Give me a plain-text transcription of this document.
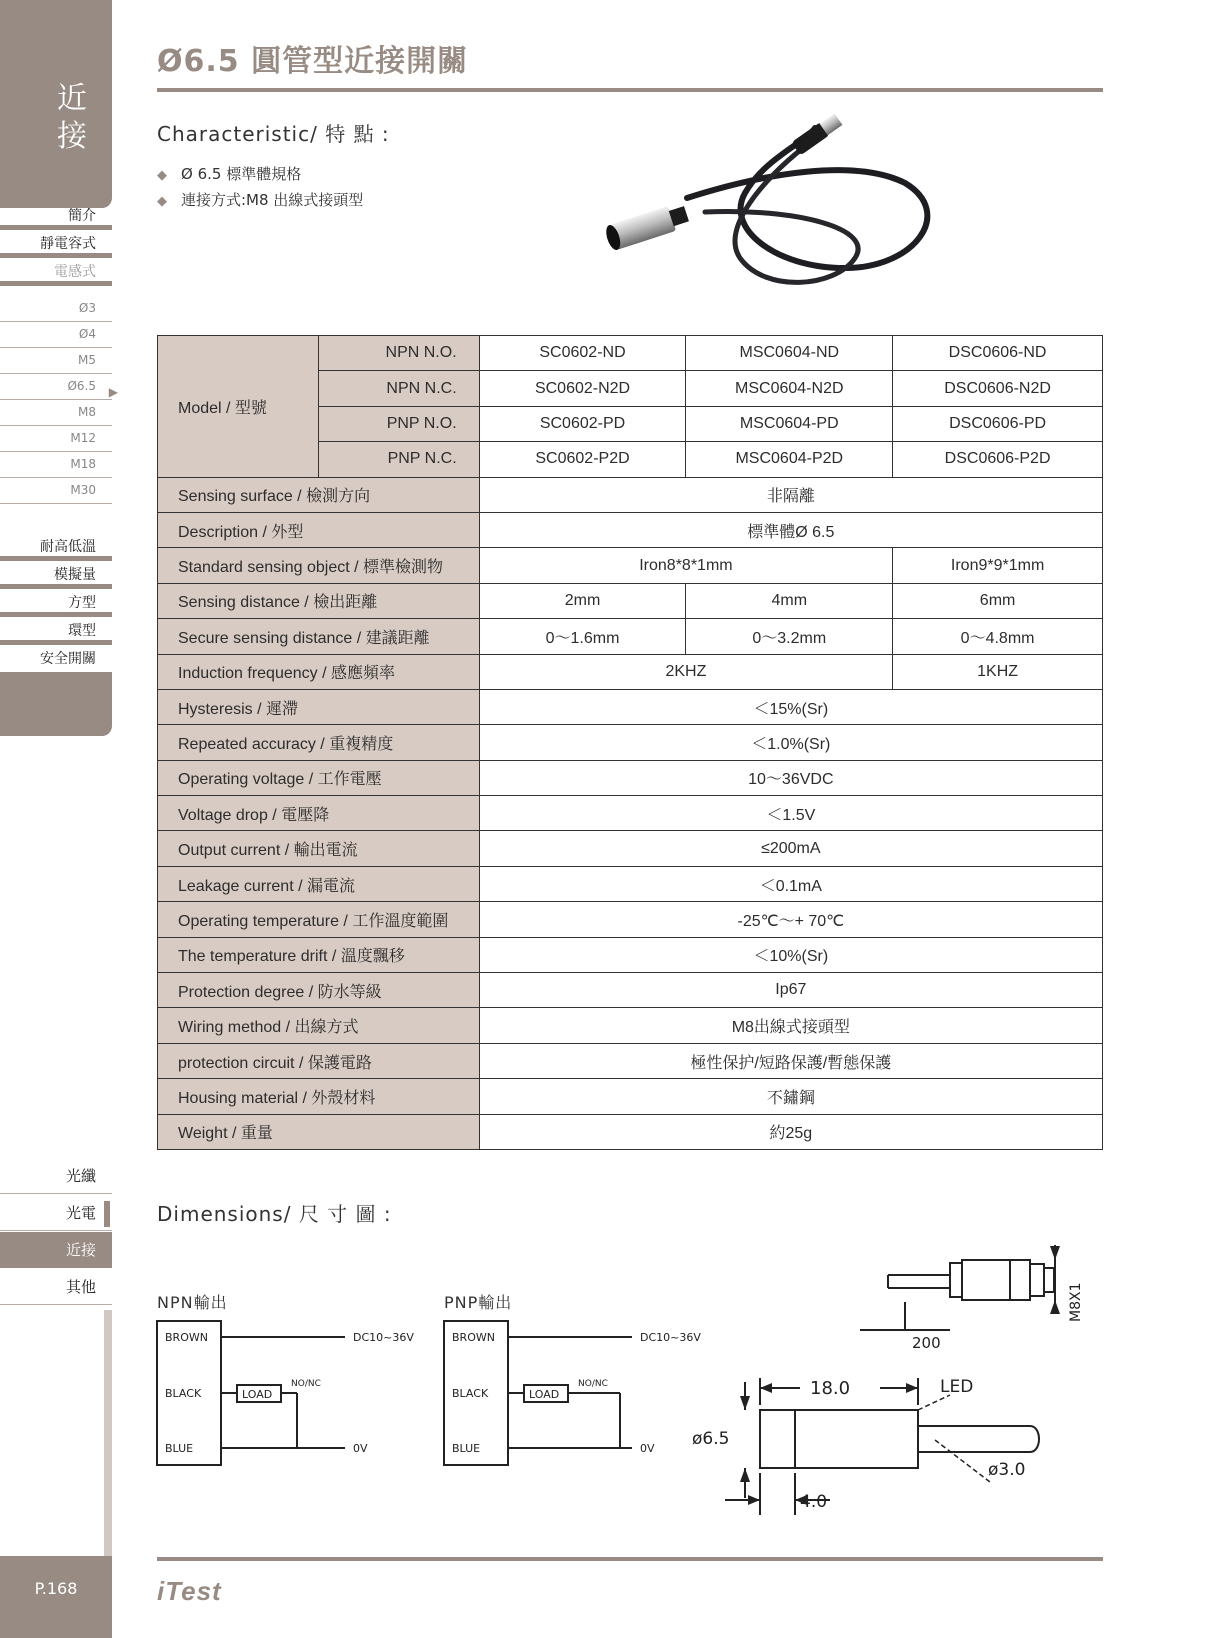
近接
簡介
靜電容式
電感式
Ø3
Ø4
M5
Ø6.5 ▶
M8
M12
M18
M30
耐高低溫
模擬量
方型
環型
安全開關
光纖
光電
近接
其他
P.168
Ø6.5 圓管型近接開關
Characteristic/ 特 點 :
◆ Ø 6.5 標準體規格
◆ 連接方式:M8 出線式接頭型
Model / 型號	NPN N.O.	SC0602-ND	MSC0604-ND	DSC0606-ND
	NPN N.C.	SC0602-N2D	MSC0604-N2D	DSC0606-N2D
	PNP N.O.	SC0602-PD	MSC0604-PD	DSC0606-PD
	PNP N.C.	SC0602-P2D	MSC0604-P2D	DSC0606-P2D
Sensing surface / 檢測方向		非隔離		
Description / 外型		標準體Ø 6.5		
Standard sensing object / 標準檢測物		Iron8*8*1mm		Iron9*9*1mm
Sensing distance / 檢出距離		2mm	4mm	6mm
Secure sensing distance / 建議距離		0～1.6mm	0～3.2mm	0～4.8mm
Induction frequency / 感應頻率		2KHZ		1KHZ
Hysteresis / 遲滯		＜15%(Sr)		
Repeated accuracy / 重複精度		＜1.0%(Sr)		
Operating voltage / 工作電壓		10～36VDC		
Voltage drop / 電壓降		＜1.5V		
Output current / 輸出電流		≤200mA		
Leakage current / 漏電流		＜0.1mA		
Operating temperature / 工作溫度範圍		-25℃～+ 70℃		
The temperature drift / 溫度飄移		＜10%(Sr)		
Protection degree / 防水等級		Ip67		
Wiring method / 出線方式		M8出線式接頭型		
protection circuit / 保護電路		極性保护/短路保護/暫態保護		
Housing material / 外殼材料		不鏽鋼		
Weight / 重量		約25g		
Dimensions/ 尺 寸 圖 :
NPN輸出	PNP輸出
BROWN
BLACK
BLUE
LOAD
NO/NC
DC10~36V
0V
BROWN
BLACK
BLUE
LOAD
NO/NC
DC10~36V
0V
18.0
ø6.5
4.0
ø3.0
200
LED
M8X1
iTest
